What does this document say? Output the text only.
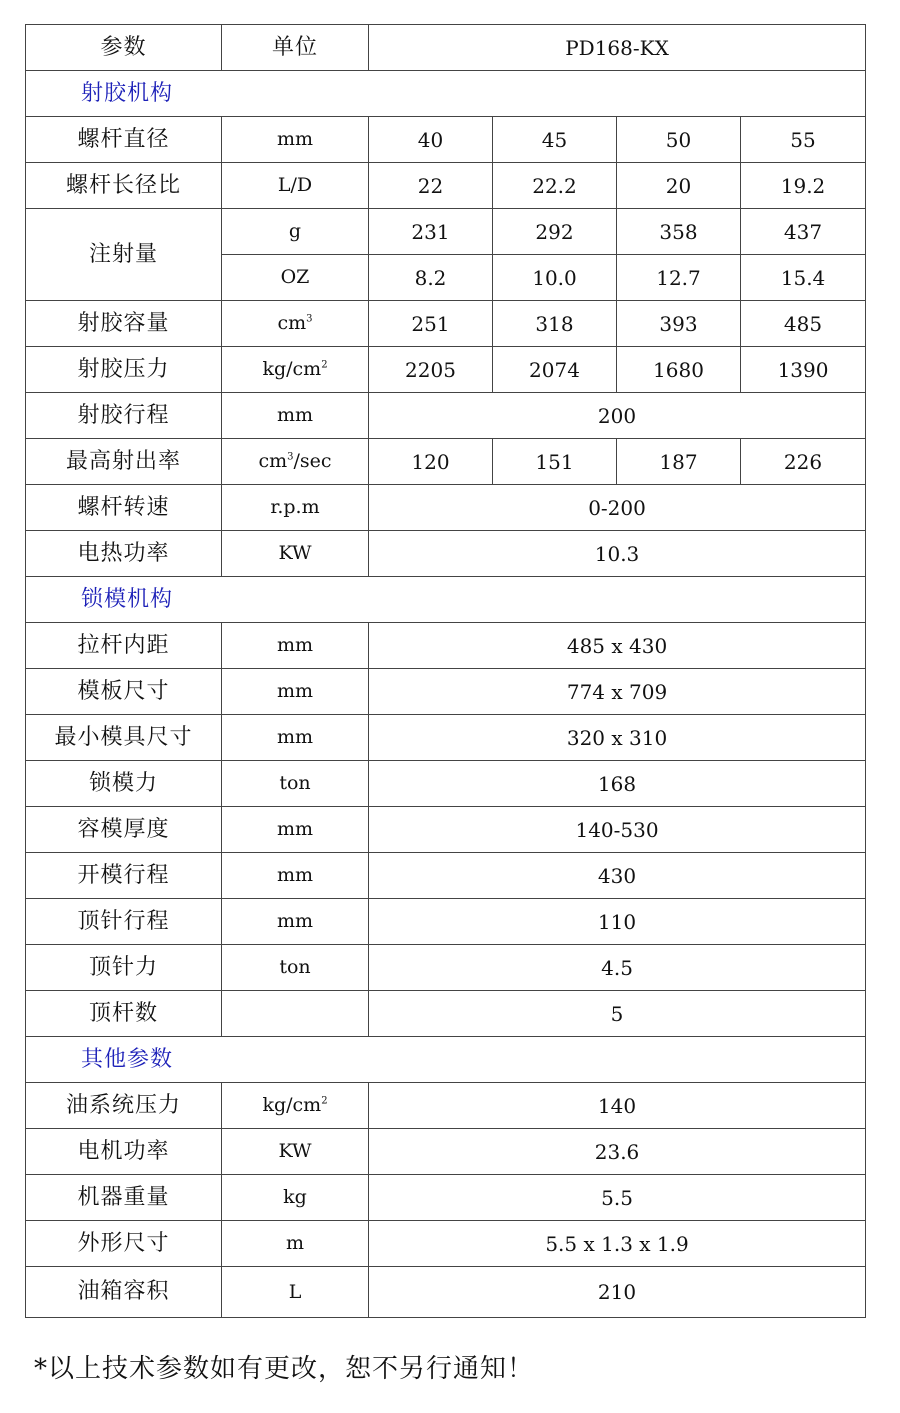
参数	单位	PD168-KX			
射胶机构					
螺杆直径	mm	40	45	50	55
螺杆长径比	L/D	22	22.2	20	19.2
注射量	g	231	292	358	437
	OZ	8.2	10.0	12.7	15.4
射胶容量	$cm^3$	251	318	393	485
射胶压力	$kg/cm^2$	2205	2074	1680	1390
射胶行程	mm	200			
最高射出率	$cm^3/\sec$	120	151	187	226
螺杆转速	r.p.m	0-200			
电热功率	KW	10.3			
锁模机构					
拉杆内距	mm	485 x 430			
模板尺寸	mm	774 x 709			
最小模具尺寸	mm	320 x 310			
锁模力	ton	168			
容模厚度	mm	140-530			
开模行程	mm	430			
顶针行程	mm	110			
顶针力	ton	4.5			
顶杆数		5			
其他参数					
油系统压力	$kg/cm^2$	140			
电机功率	KW	23.6			
机器重量	kg	5.5			
外形尺寸	m	5.5 x 1.3 x 1.9			
油箱容积	L	210			
*以上技术参数如有更改，恕不另行通知！
